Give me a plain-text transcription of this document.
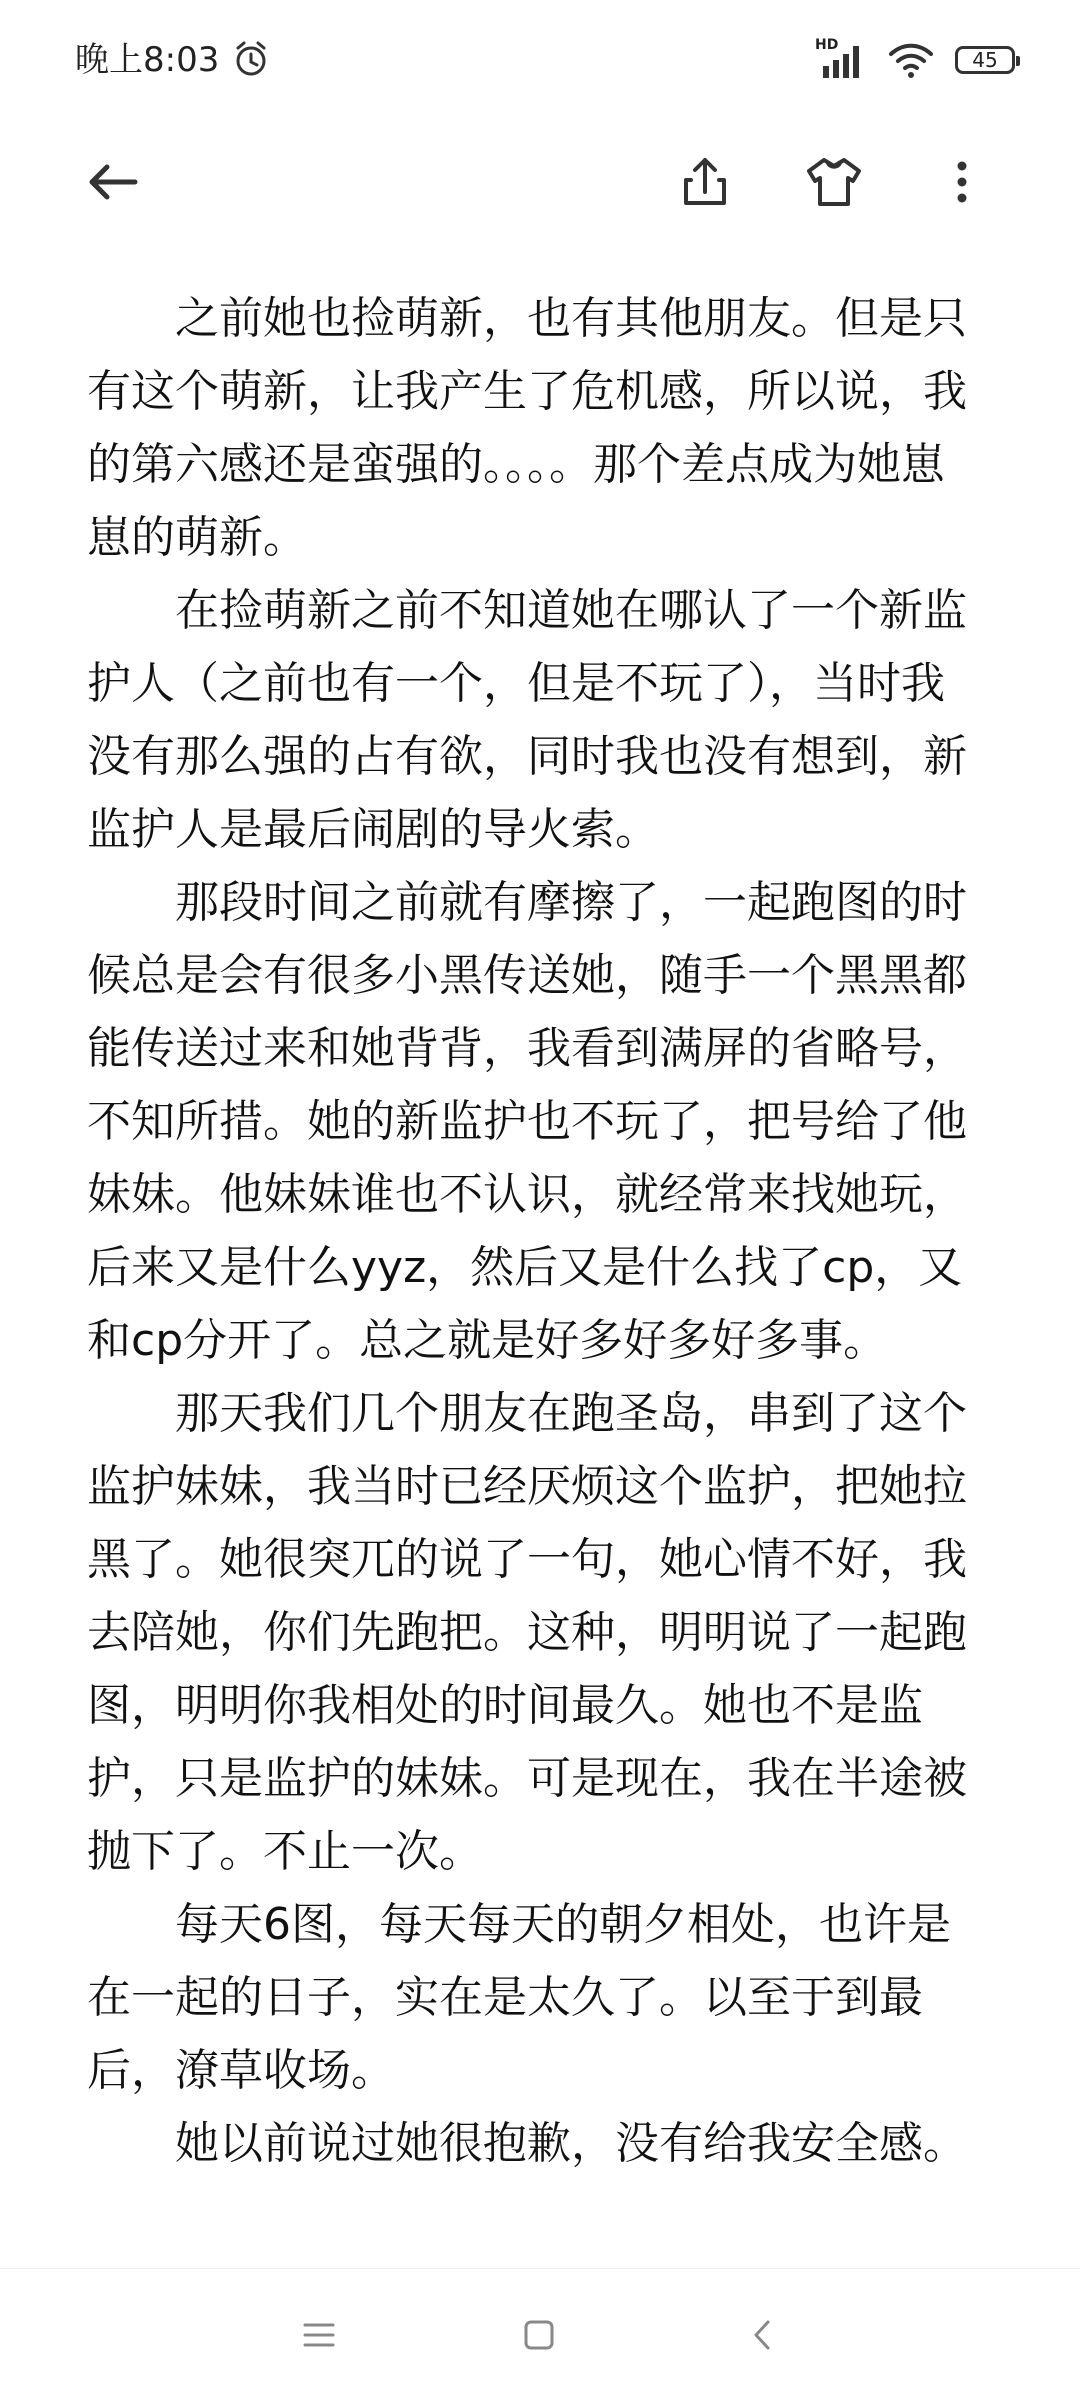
晚上8:03	HD
45

之前她也捡萌新，也有其他朋友。但是只有这个萌新，让我产生了危机感，所以说，我的第六感还是蛮强的。。。。那个差点成为她崽崽的萌新。

在捡萌新之前不知道她在哪认了一个新监护人（之前也有一个，但是不玩了），当时我没有那么强的占有欲，同时我也没有想到，新监护人是最后闹剧的导火索。

那段时间之前就有摩擦了，一起跑图的时候总是会有很多小黑传送她，随手一个黑黑都能传送过来和她背背，我看到满屏的省略号，不知所措。她的新监护也不玩了，把号给了他妹妹。他妹妹谁也不认识，就经常来找她玩，后来又是什么yyz，然后又是什么找了cp，又和cp分开了。总之就是好多好多好多事。

那天我们几个朋友在跑圣岛，串到了这个监护妹妹，我当时已经厌烦这个监护，把她拉黑了。她很突兀的说了一句，她心情不好，我去陪她，你们先跑把。这种，明明说了一起跑图，明明你我相处的时间最久。她也不是监护，只是监护的妹妹。可是现在，我在半途被抛下了。不止一次。

每天6图，每天每天的朝夕相处，也许是在一起的日子，实在是太久了。以至于到最后，潦草收场。

她以前说过她很抱歉，没有给我安全感。
